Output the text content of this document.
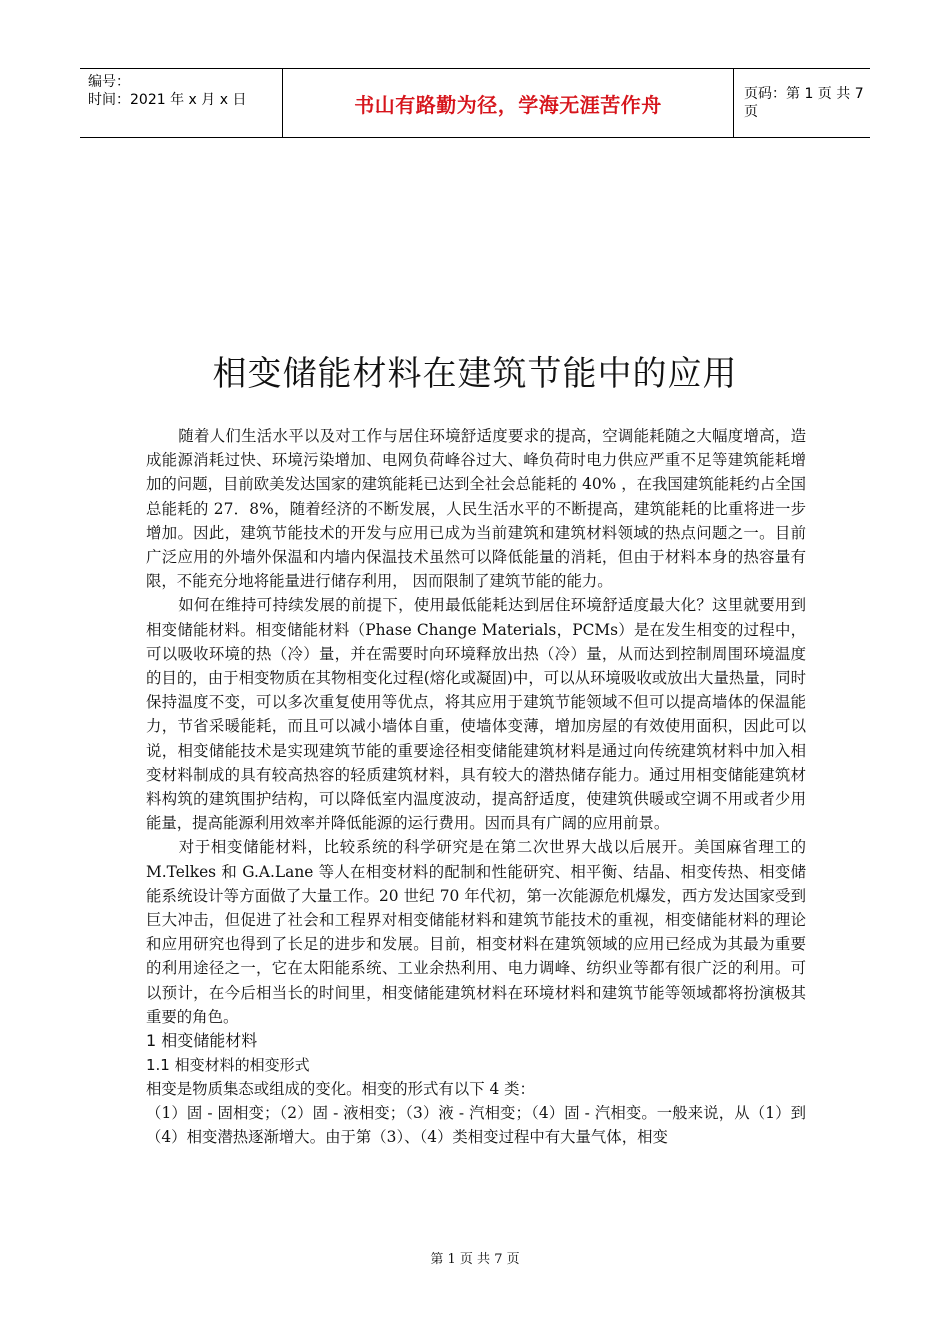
编号：
时间：2021 年 x 月 x 日	书山有路勤为径，学海无涯苦作舟	页码：第 1 页 共 7 页
相变储能材料在建筑节能中的应用

随着人们生活水平以及对工作与居住环境舒适度要求的提高，空调能耗随之大幅度增高，造成能源消耗过快、环境污染增加、电网负荷峰谷过大、峰负荷时电力供应严重不足等建筑能耗增加的问题，目前欧美发达国家的建筑能耗已达到全社会总能耗的 40% ，在我国建筑能耗约占全国总能耗的 27．8%，随着经济的不断发展，人民生活水平的不断提高，建筑能耗的比重将进一步增加。因此，建筑节能技术的开发与应用已成为当前建筑和建筑材料领域的热点问题之一。目前广泛应用的外墙外保温和内墙内保温技术虽然可以降低能量的消耗，但由于材料本身的热容量有限，不能充分地将能量进行储存利用， 因而限制了建筑节能的能力。

如何在维持可持续发展的前提下，使用最低能耗达到居住环境舒适度最大化？这里就要用到相变储能材料。相变储能材料（Phase Change Materials，PCMs）是在发生相变的过程中，可以吸收环境的热（冷）量，并在需要时向环境释放出热（冷）量，从而达到控制周围环境温度的目的，由于相变物质在其物相变化过程(熔化或凝固)中，可以从环境吸收或放出大量热量，同时保持温度不变，可以多次重复使用等优点，将其应用于建筑节能领域不但可以提高墙体的保温能力，节省采暖能耗，而且可以减小墙体自重，使墙体变薄，增加房屋的有效使用面积，因此可以说，相变储能技术是实现建筑节能的重要途径相变储能建筑材料是通过向传统建筑材料中加入相变材料制成的具有较高热容的轻质建筑材料，具有较大的潜热储存能力。通过用相变储能建筑材料构筑的建筑围护结构，可以降低室内温度波动，提高舒适度，使建筑供暖或空调不用或者少用能量，提高能源利用效率并降低能源的运行费用。因而具有广阔的应用前景。

对于相变储能材料，比较系统的科学研究是在第二次世界大战以后展开。美国麻省理工的 M.Telkes 和 G.A.Lane 等人在相变材料的配制和性能研究、相平衡、结晶、相变传热、相变储能系统设计等方面做了大量工作。20 世纪 70 年代初，第一次能源危机爆发，西方发达国家受到巨大冲击，但促进了社会和工程界对相变储能材料和建筑节能技术的重视，相变储能材料的理论和应用研究也得到了长足的进步和发展。目前，相变材料在建筑领域的应用已经成为其最为重要的利用途径之一，它在太阳能系统、工业余热利用、电力调峰、纺织业等都有很广泛的利用。可以预计，在今后相当长的时间里，相变储能建筑材料在环境材料和建筑节能等领域都将扮演极其重要的角色。

1 相变储能材料

1.1 相变材料的相变形式

相变是物质集态或组成的变化。相变的形式有以下 4 类：

（1）固 - 固相变；（2）固 - 液相变；（3）液 - 汽相变；（4）固 - 汽相变。一般来说，从（1）到（4）相变潜热逐渐增大。由于第（3）、（4）类相变过程中有大量气体，相变

第 1 页 共 7 页
